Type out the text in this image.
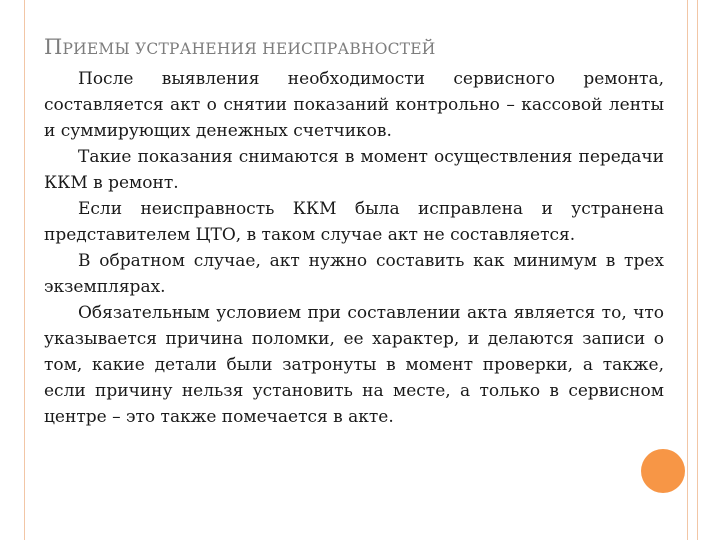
ПРИЕМЫ УСТРАНЕНИЯ НЕИСПРАВНОСТЕЙ

После выявления необходимости сервисного ремонта, составляется акт о снятии показаний контрольно – кассовой ленты и суммирующих денежных счетчиков.

Такие показания снимаются в момент осуществления передачи ККМ в ремонт.

Если неисправность ККМ была исправлена и устранена представителем ЦТО, в таком случае акт не составляется.

В обратном случае, акт нужно составить как минимум в трех экземплярах.

Обязательным условием при составлении акта является то, что указывается причина поломки, ее характер, и делаются записи о том, какие детали были затронуты в момент проверки, а также, если причину нельзя установить на месте, а только в сервисном центре – это также помечается в акте.
